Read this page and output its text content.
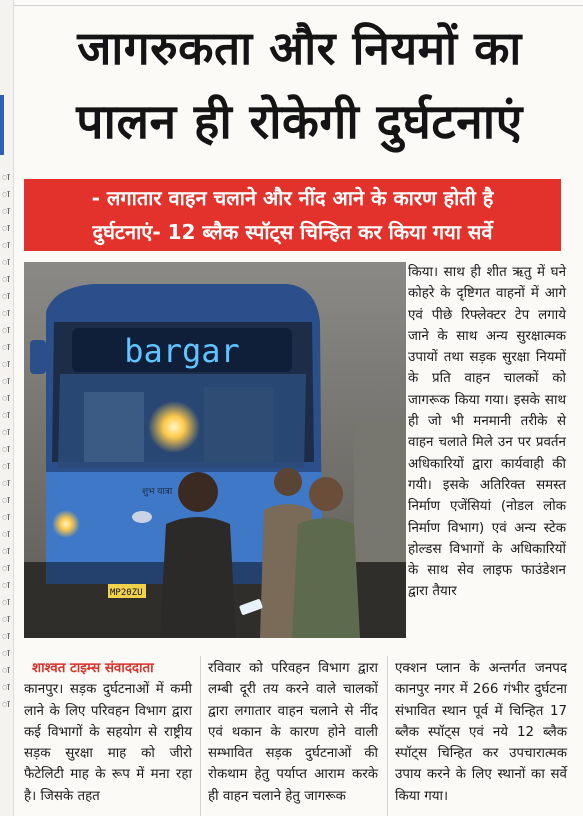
ा ा ा ा ा ा ा ा ा ा ा ा ा ा ा ा ा ा ा ा ा ा ा ा ा ा ा ा ा ा ा ा
जागरुकता और नियमों का
पालन ही रोकेगी दुर्घटनाएं
- लगातार वाहन चलाने और नींद आने के कारण होती है
दुर्घटनाएं- 12 ब्लैक स्पॉट्स चिन्हित कर किया गया सर्वे
bargar
शुभ यात्रा
MP20ZU
किया। साथ ही शीत ऋतु में घने कोहरे के दृष्टिगत वाहनों में आगे एवं पीछे रिफ्लेक्टर टेप लगाये जाने के साथ अन्य सुरक्षात्मक उपायों तथा सड़क सुरक्षा नियमों के प्रति वाहन चालकों को जागरूक किया गया। इसके साथ ही जो भी मनमानी तरीके से वाहन चलाते मिले उन पर प्रवर्तन अधिकारियों द्वारा कार्यवाही की गयी। इसके अतिरिक्त समस्त निर्माण एजेंसियां (नोडल लोक निर्माण विभाग) एवं अन्य स्टेक होल्डस विभागों के अधिकारियों के साथ सेव लाइफ फाउंडेशन द्वारा तैयार
शाश्वत टाइम्स संवाददाता
कानपुर। सड़क दुर्घटनाओं में कमी लाने के लिए परिवहन विभाग द्वारा कई विभागों के सहयोग से राष्ट्रीय सड़क सुरक्षा माह को जीरो फैटेलिटी माह के रूप में मना रहा है। जिसके तहत
रविवार को परिवहन विभाग द्वारा लम्बी दूरी तय करने वाले चालकों द्वारा लगातार वाहन चलाने से नींद एवं थकान के कारण होने वाली सम्भावित सड़क दुर्घटनाओं की रोकथाम हेतु पर्याप्त आराम करके ही वाहन चलाने हेतु जागरूक
एक्शन प्लान के अन्तर्गत जनपद कानपुर नगर में 266 गंभीर दुर्घटना संभावित स्थान पूर्व में चिन्हित 17 ब्लैक स्पॉट्स एवं नये 12 ब्लैक स्पॉट्स चिन्हित कर उपचारात्मक उपाय करने के लिए स्थानों का सर्वे किया गया।
